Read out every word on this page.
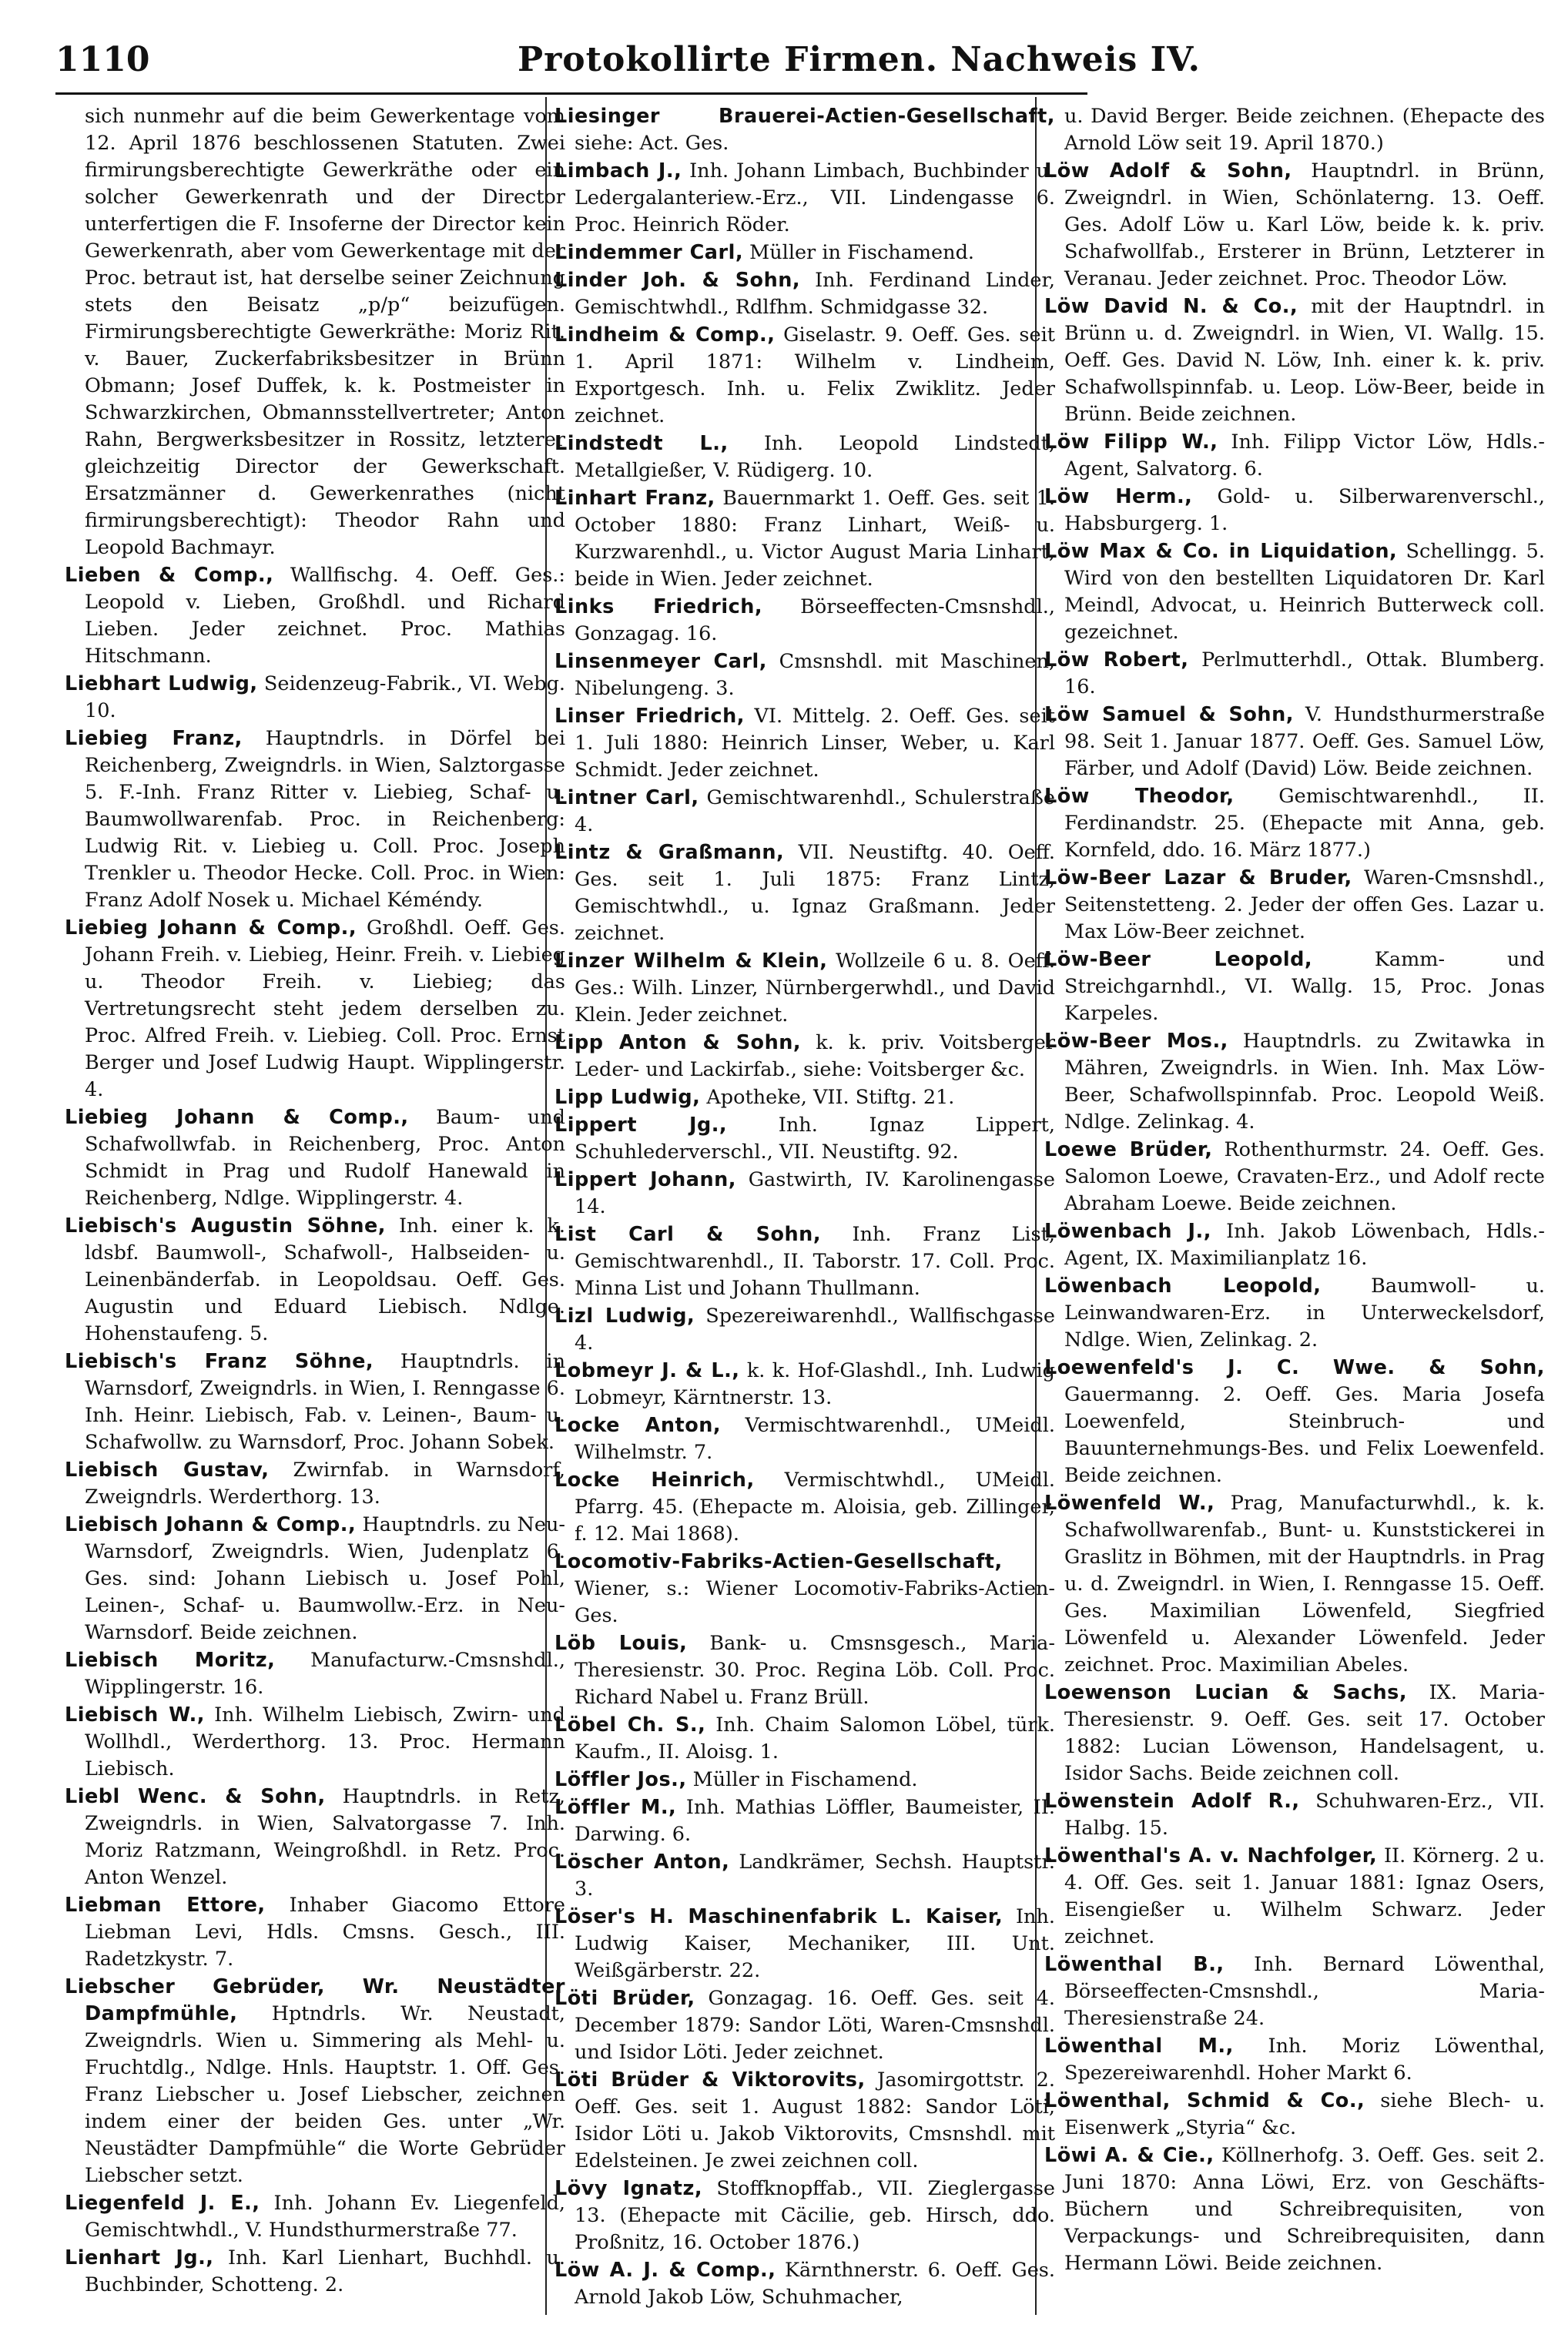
1110	Protokollirte Firmen. Nachweis IV.

sich nunmehr auf die beim Gewerkentage vom 12. April 1876 beschlossenen Statuten. Zwei firmirungsberechtigte Gewerkräthe oder ein solcher Gewerkenrath und der Director unterfertigen die F. Insoferne der Director kein Gewerkenrath, aber vom Gewerkentage mit der Proc. betraut ist, hat derselbe seiner Zeichnung stets den Beisatz „p/p“ beizufügen. Firmirungsberechtigte Gewerkräthe: Moriz Rit. v. Bauer, Zuckerfabriksbesitzer in Brünn Obmann; Josef Duffek, k. k. Postmeister in Schwarzkirchen, Obmannsstellvertreter; Anton Rahn, Bergwerksbesitzer in Rossitz, letzterer gleichzeitig Director der Gewerkschaft. Ersatzmänner d. Gewerkenrathes (nicht firmirungsberechtigt): Theodor Rahn und Leopold Bachmayr.

Lieben & Comp., Wallfischg. 4. Oeff. Ges.: Leopold v. Lieben, Großhdl. und Richard Lieben. Jeder zeichnet. Proc. Mathias Hitschmann.

Liebhart Ludwig, Seidenzeug-Fabrik., VI. Webg. 10.

Liebieg Franz, Hauptndrls. in Dörfel bei Reichenberg, Zweigndrls. in Wien, Salztorgasse 5. F.-Inh. Franz Ritter v. Liebieg, Schaf- u. Baumwollwarenfab. Proc. in Reichenberg: Ludwig Rit. v. Liebieg u. Coll. Proc. Joseph Trenkler u. Theodor Hecke. Coll. Proc. in Wien: Franz Adolf Nosek u. Michael Kéméndy.

Liebieg Johann & Comp., Großhdl. Oeff. Ges. Johann Freih. v. Liebieg, Heinr. Freih. v. Liebieg u. Theodor Freih. v. Liebieg; das Vertretungsrecht steht jedem derselben zu. Proc. Alfred Freih. v. Liebieg. Coll. Proc. Ernst Berger und Josef Ludwig Haupt. Wipplingerstr. 4.

Liebieg Johann & Comp., Baum- und Schafwollwfab. in Reichenberg, Proc. Anton Schmidt in Prag und Rudolf Hanewald in Reichenberg, Ndlge. Wipplingerstr. 4.

Liebisch's Augustin Söhne, Inh. einer k. k. ldsbf. Baumwoll-, Schafwoll-, Halbseiden- u. Leinenbänderfab. in Leopoldsau. Oeff. Ges. Augustin und Eduard Liebisch. Ndlge. Hohenstaufeng. 5.

Liebisch's Franz Söhne, Hauptndrls. in Warnsdorf, Zweigndrls. in Wien, I. Renngasse 6. Inh. Heinr. Liebisch, Fab. v. Leinen-, Baum- u. Schafwollw. zu Warnsdorf, Proc. Johann Sobek.

Liebisch Gustav, Zwirnfab. in Warnsdorf, Zweigndrls. Werderthorg. 13.

Liebisch Johann & Comp., Hauptndrls. zu Neu-Warnsdorf, Zweigndrls. Wien, Judenplatz 6. Ges. sind: Johann Liebisch u. Josef Pohl, Leinen-, Schaf- u. Baumwollw.-Erz. in Neu-Warnsdorf. Beide zeichnen.

Liebisch Moritz, Manufacturw.-Cmsnshdl., Wipplingerstr. 16.

Liebisch W., Inh. Wilhelm Liebisch, Zwirn- und Wollhdl., Werderthorg. 13. Proc. Hermann Liebisch.

Liebl Wenc. & Sohn, Hauptndrls. in Retz, Zweigndrls. in Wien, Salvatorgasse 7. Inh. Moriz Ratzmann, Weingroßhdl. in Retz. Proc. Anton Wenzel.

Liebman Ettore, Inhaber Giacomo Ettore Liebman Levi, Hdls. Cmsns. Gesch., III. Radetzkystr. 7.

Liebscher Gebrüder, Wr. Neustädter Dampfmühle, Hptndrls. Wr. Neustadt, Zweigndrls. Wien u. Simmering als Mehl- u. Fruchtdlg., Ndlge. Hnls. Hauptstr. 1. Off. Ges. Franz Liebscher u. Josef Liebscher, zeichnen indem einer der beiden Ges. unter „Wr. Neustädter Dampfmühle“ die Worte Gebrüder Liebscher setzt.

Liegenfeld J. E., Inh. Johann Ev. Liegenfeld, Gemischtwhdl., V. Hundsthurmerstraße 77.

Lienhart Jg., Inh. Karl Lienhart, Buchhdl. u. Buchbinder, Schotteng. 2.

Liesinger Brauerei-Actien-Gesellschaft, siehe: Act. Ges.

Limbach J., Inh. Johann Limbach, Buchbinder u. Ledergalanteriew.-Erz., VII. Lindengasse 6. Proc. Heinrich Röder.

Lindemmer Carl, Müller in Fischamend.

Linder Joh. & Sohn, Inh. Ferdinand Linder, Gemischtwhdl., Rdlfhm. Schmidgasse 32.

Lindheim & Comp., Giselastr. 9. Oeff. Ges. seit 1. April 1871: Wilhelm v. Lindheim, Exportgesch. Inh. u. Felix Zwiklitz. Jeder zeichnet.

Lindstedt L., Inh. Leopold Lindstedt, Metallgießer, V. Rüdigerg. 10.

Linhart Franz, Bauernmarkt 1. Oeff. Ges. seit 1. October 1880: Franz Linhart, Weiß- u. Kurzwarenhdl., u. Victor August Maria Linhart, beide in Wien. Jeder zeichnet.

Links Friedrich, Börseeffecten-Cmsnshdl., Gonzagag. 16.

Linsenmeyer Carl, Cmsnshdl. mit Maschinen, Nibelungeng. 3.

Linser Friedrich, VI. Mittelg. 2. Oeff. Ges. seit 1. Juli 1880: Heinrich Linser, Weber, u. Karl Schmidt. Jeder zeichnet.

Lintner Carl, Gemischtwarenhdl., Schulerstraße 4.

Lintz & Graßmann, VII. Neustiftg. 40. Oeff. Ges. seit 1. Juli 1875: Franz Lintz, Gemischtwhdl., u. Ignaz Graßmann. Jeder zeichnet.

Linzer Wilhelm & Klein, Wollzeile 6 u. 8. Oeff. Ges.: Wilh. Linzer, Nürnbergerwhdl., und David Klein. Jeder zeichnet.

Lipp Anton & Sohn, k. k. priv. Voitsberger Leder- und Lackirfab., siehe: Voitsberger &c.

Lipp Ludwig, Apotheke, VII. Stiftg. 21.

Lippert Jg.,	Inh. Ignaz Lippert, Schuhlederverschl., VII. Neustiftg. 92.

Lippert Johann, Gastwirth, IV. Karolinengasse 14.

List Carl & Sohn, Inh. Franz List, Gemischtwarenhdl., II. Taborstr. 17. Coll. Proc. Minna List und Johann Thullmann.

Lizl Ludwig, Spezereiwarenhdl., Wallfischgasse 4.

Lobmeyr J. & L., k. k. Hof-Glashdl., Inh. Ludwig Lobmeyr, Kärntnerstr. 13.

Locke Anton, Vermischtwarenhdl., UMeidl. Wilhelmstr. 7.

Locke Heinrich, Vermischtwhdl., UMeidl. Pfarrg. 45. (Ehepacte m. Aloisia, geb. Zillinger, f. 12. Mai 1868).

Locomotiv-Fabriks-Actien-Gesellschaft, Wiener, s.: Wiener Locomotiv-Fabriks-Actien-Ges.

Löb Louis, Bank- u. Cmsnsgesch., Maria-Theresienstr. 30. Proc. Regina Löb. Coll. Proc. Richard Nabel u. Franz Brüll.

Löbel Ch. S., Inh. Chaim Salomon Löbel, türk. Kaufm., II. Aloisg. 1.

Löffler Jos., Müller in Fischamend.

Löffler M., Inh. Mathias Löffler, Baumeister, II. Darwing. 6.

Löscher Anton, Landkrämer, Sechsh. Hauptstr. 3.

Löser's H. Maschinenfabrik L. Kaiser, Inh. Ludwig Kaiser, Mechaniker, III. Unt. Weißgärberstr. 22.

Löti Brüder, Gonzagag. 16. Oeff. Ges. seit 4. December 1879: Sandor Löti, Waren-Cmsnshdl. und Isidor Löti. Jeder zeichnet.

Löti Brüder & Viktorovits, Jasomirgottstr. 2. Oeff. Ges. seit 1. August 1882: Sandor Löti, Isidor Löti u. Jakob Viktorovits, Cmsnshdl. mit Edelsteinen. Je zwei zeichnen coll.

Lövy Ignatz, Stoffknopffab., VII. Zieglergasse 13. (Ehepacte mit Cäcilie, geb. Hirsch, ddo. Proßnitz, 16. October 1876.)

Löw A. J. & Comp., Kärnthnerstr. 6. Oeff. Ges. Arnold Jakob Löw, Schuhmacher,

u. David Berger. Beide zeichnen. (Ehepacte des Arnold Löw seit 19. April 1870.)

Löw Adolf & Sohn, Hauptndrl. in Brünn, Zweigndrl. in Wien, Schönlaterng. 13. Oeff. Ges. Adolf Löw u. Karl Löw, beide k. k. priv. Schafwollfab., Ersterer in Brünn, Letzterer in Veranau. Jeder zeichnet. Proc. Theodor Löw.

Löw David N. & Co., mit der Hauptndrl. in Brünn u. d. Zweigndrl. in Wien, VI. Wallg. 15. Oeff. Ges. David N. Löw, Inh. einer k. k. priv. Schafwollspinnfab. u. Leop. Löw-Beer, beide in Brünn. Beide zeichnen.

Löw Filipp W., Inh. Filipp Victor Löw, Hdls.-Agent, Salvatorg. 6.

Löw Herm., Gold- u. Silberwarenverschl., Habsburgerg. 1.

Löw Max & Co. in Liquidation, Schellingg. 5. Wird von den bestellten Liquidatoren Dr. Karl Meindl, Advocat, u. Heinrich Butterweck coll. gezeichnet.

Löw Robert, Perlmutterhdl., Ottak. Blumberg. 16.

Löw Samuel & Sohn, V. Hundsthurmerstraße 98. Seit 1. Januar 1877. Oeff. Ges. Samuel Löw, Färber, und Adolf (David) Löw. Beide zeichnen.

Löw Theodor, Gemischtwarenhdl., II. Ferdinandstr. 25. (Ehepacte mit Anna, geb. Kornfeld, ddo. 16. März 1877.)

Löw-Beer Lazar & Bruder, Waren-Cmsnshdl., Seitenstetteng. 2. Jeder der offen Ges. Lazar u. Max Löw-Beer zeichnet.

Löw-Beer Leopold,	Kamm- und Streichgarnhdl., VI. Wallg. 15, Proc. Jonas Karpeles.

Löw-Beer Mos., Hauptndrls. zu Zwitawka in Mähren, Zweigndrls. in Wien. Inh. Max Löw-Beer, Schafwollspinnfab. Proc. Leopold Weiß. Ndlge. Zelinkag. 4.

Loewe Brüder, Rothenthurmstr. 24. Oeff. Ges. Salomon Loewe, Cravaten-Erz., und Adolf recte Abraham Loewe. Beide zeichnen.

Löwenbach J., Inh. Jakob Löwenbach, Hdls.-Agent, IX. Maximilianplatz 16.

Löwenbach Leopold,	Baumwoll- u. Leinwandwaren-Erz. in Unterweckelsdorf, Ndlge. Wien, Zelinkag. 2.

Loewenfeld's J. C. Wwe. & Sohn, Gauermanng. 2. Oeff. Ges. Maria Josefa Loewenfeld, Steinbruch- und Bauunternehmungs-Bes. und Felix Loewenfeld. Beide zeichnen.

Löwenfeld W., Prag, Manufacturwhdl., k. k. Schafwollwarenfab., Bunt- u. Kunststickerei in Graslitz in Böhmen, mit der Hauptndrls. in Prag u. d. Zweigndrl. in Wien, I. Renngasse 15. Oeff. Ges. Maximilian Löwenfeld, Siegfried Löwenfeld u. Alexander Löwenfeld. Jeder zeichnet. Proc. Maximilian Abeles.

Loewenson Lucian & Sachs, IX. Maria-Theresienstr. 9. Oeff. Ges. seit 17. October 1882: Lucian Löwenson, Handelsagent, u. Isidor Sachs. Beide zeichnen coll.

Löwenstein Adolf R., Schuhwaren-Erz., VII. Halbg. 15.

Löwenthal's A. v. Nachfolger, II. Körnerg. 2 u. 4. Off. Ges. seit 1. Januar 1881: Ignaz Osers, Eisengießer u. Wilhelm Schwarz. Jeder zeichnet.

Löwenthal B., Inh. Bernard Löwenthal, Börseeffecten-Cmsnshdl., Maria-Theresienstraße 24.

Löwenthal M., Inh. Moriz Löwenthal, Spezereiwarenhdl. Hoher Markt 6.

Löwenthal, Schmid & Co., siehe Blech- u. Eisenwerk „Styria“ &c.

Löwi A. & Cie., Köllnerhofg. 3. Oeff. Ges. seit 2. Juni 1870: Anna Löwi, Erz. von Geschäfts-Büchern und Schreibrequisiten, von Verpackungs- und Schreibrequisiten, dann Hermann Löwi. Beide zeichnen.
